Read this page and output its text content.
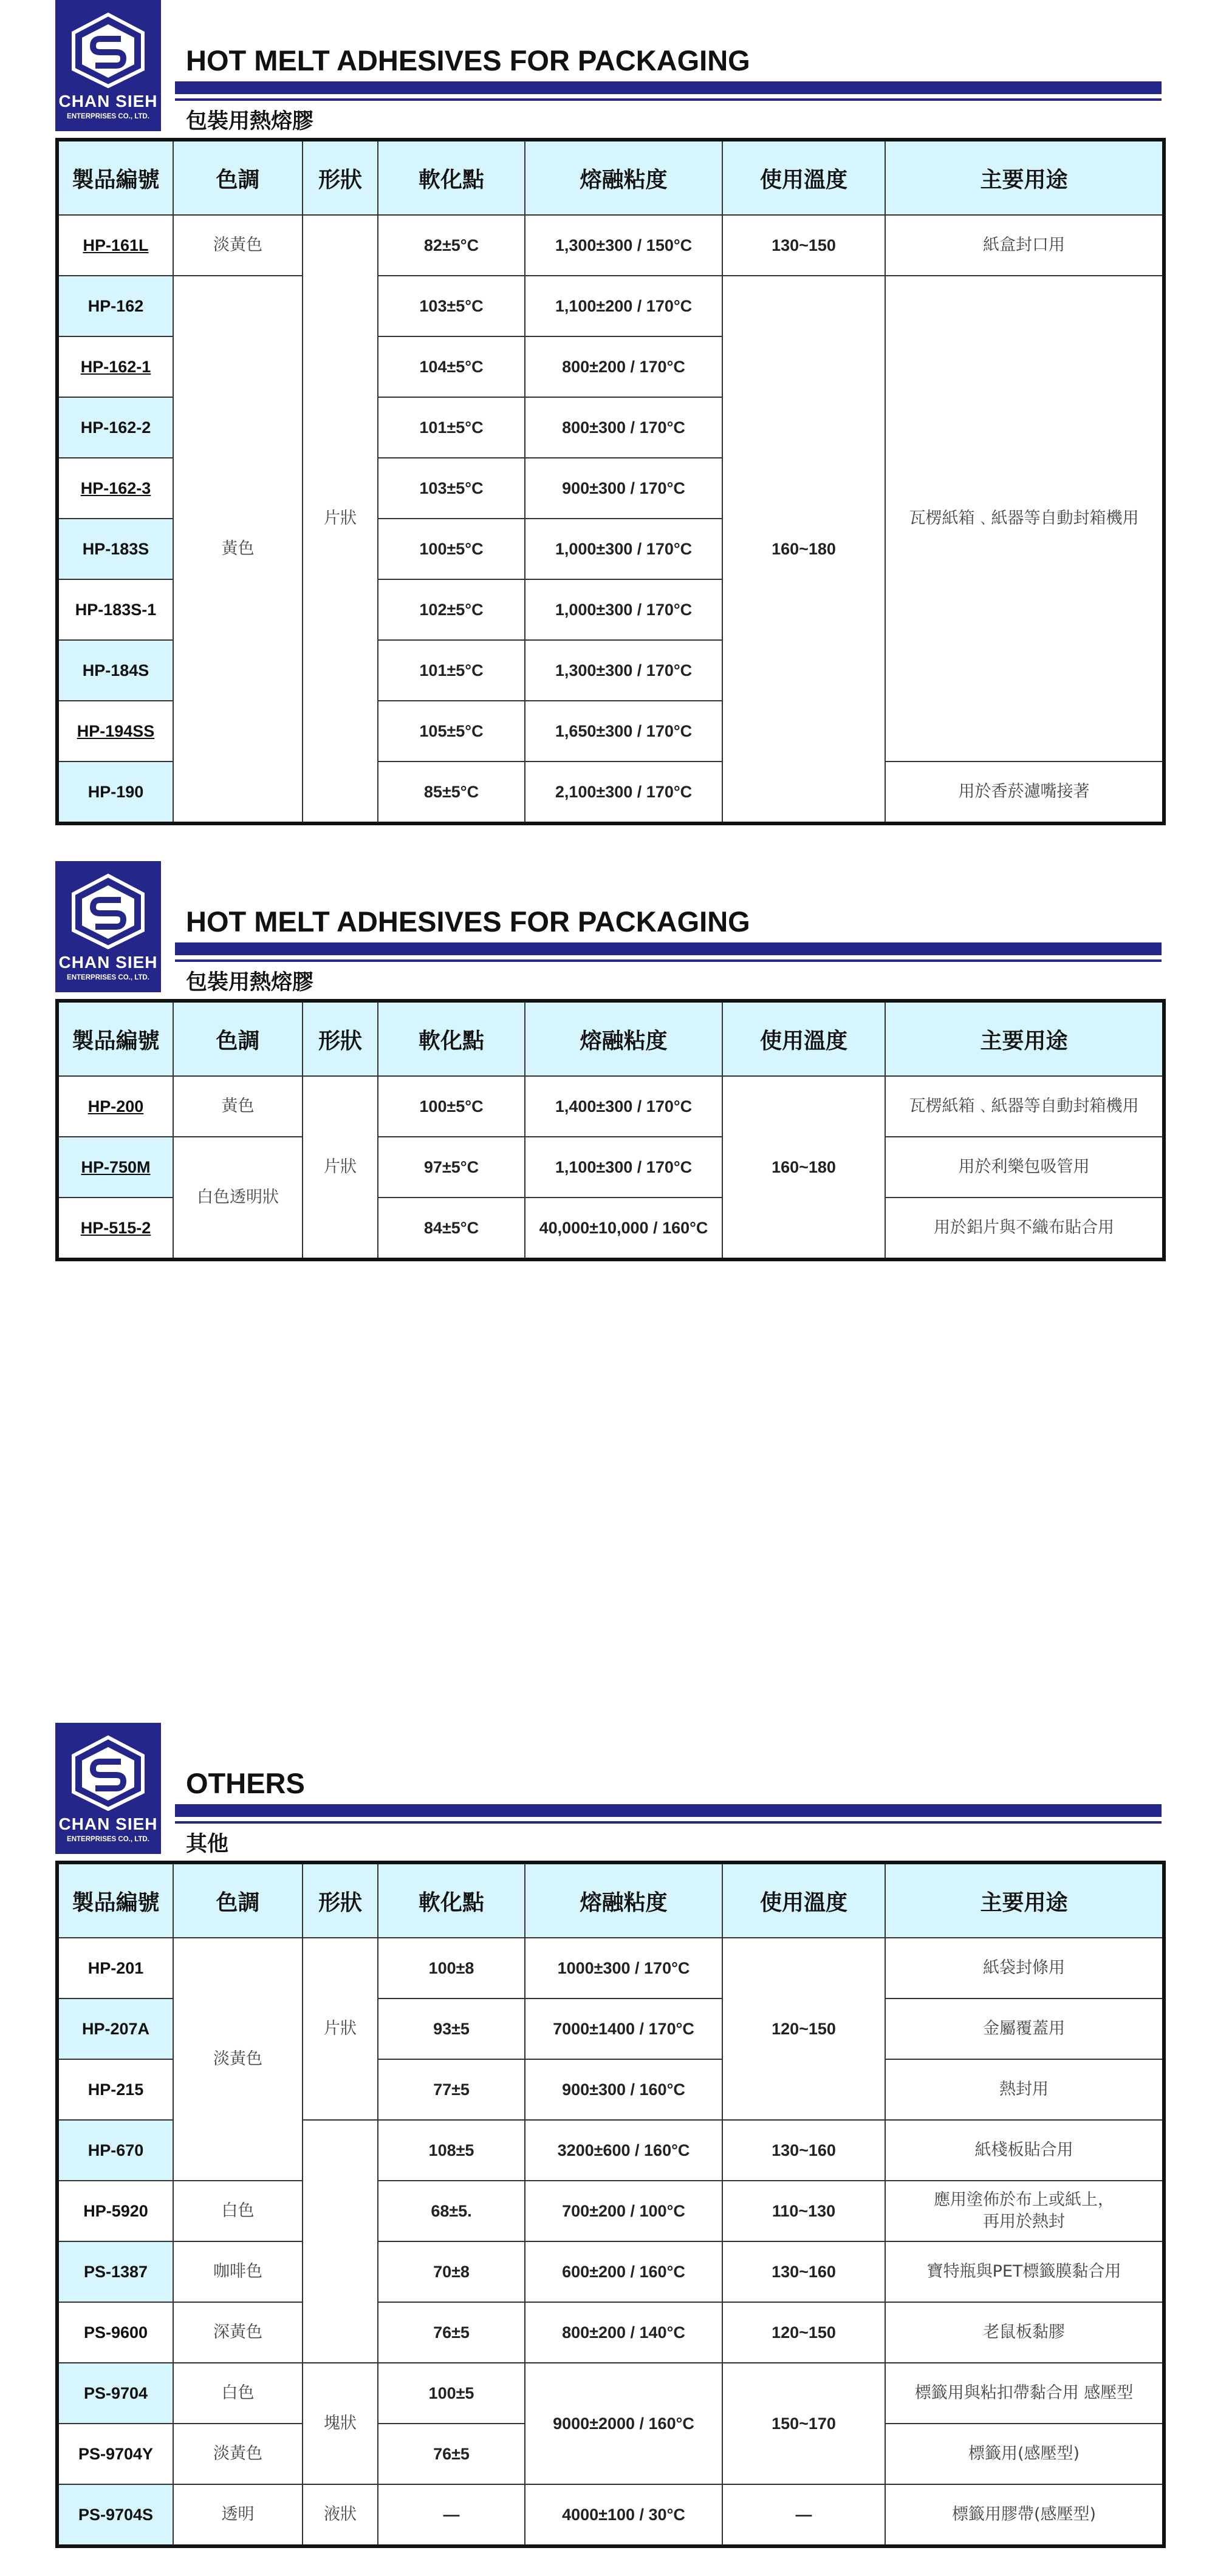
CHAN SIEH
ENTERPRISES CO., LTD.
HOT MELT ADHESIVES FOR PACKAGING
包裝用熱熔膠
製品編號	色調	形狀	軟化點	熔融粘度	使用溫度	主要用途
HP-161L	淡黃色	片狀	82±5°C	1,300±300 / 150°C	130~150	紙盒封口用
HP-162	黃色		103±5°C	1,100±200 / 170°C	160~180	瓦楞紙箱﹑紙器等自動封箱機用
HP-162-1			104±5°C	800±200 / 170°C		
HP-162-2			101±5°C	800±300 / 170°C		
HP-162-3			103±5°C	900±300 / 170°C		
HP-183S			100±5°C	1,000±300 / 170°C		
HP-183S-1			102±5°C	1,000±300 / 170°C		
HP-184S			101±5°C	1,300±300 / 170°C		
HP-194SS			105±5°C	1,650±300 / 170°C		
HP-190			85±5°C	2,100±300 / 170°C		用於香菸濾嘴接著
CHAN SIEH
ENTERPRISES CO., LTD.
HOT MELT ADHESIVES FOR PACKAGING
包裝用熱熔膠
製品編號	色調	形狀	軟化點	熔融粘度	使用溫度	主要用途
HP-200	黃色	片狀	100±5°C	1,400±300 / 170°C	160~180	瓦楞紙箱﹑紙器等自動封箱機用
HP-750M	白色透明狀		97±5°C	1,100±300 / 170°C		用於利樂包吸管用
HP-515-2			84±5°C	40,000±10,000 / 160°C		用於鋁片與不織布貼合用
CHAN SIEH
ENTERPRISES CO., LTD.
OTHERS
其他
製品編號	色調	形狀	軟化點	熔融粘度	使用溫度	主要用途
HP-201	淡黃色	片狀	100±8	1000±300 / 170°C	120~150	紙袋封條用
HP-207A			93±5	7000±1400 / 170°C		金屬覆蓋用
HP-215			77±5	900±300 / 160°C		熱封用
HP-670			108±5	3200±600 / 160°C	130~160	紙棧板貼合用
HP-5920	白色		68±5.	700±200 / 100°C	110~130	應用塗佈於布上或紙上，
再用於熱封
PS-1387	咖啡色		70±8	600±200 / 160°C	130~160	寶特瓶與PET標籤膜黏合用
PS-9600	深黃色		76±5	800±200 / 140°C	120~150	老鼠板黏膠
PS-9704	白色	塊狀	100±5	9000±2000 / 160°C	150~170	標籤用與粘扣帶黏合用 感壓型
PS-9704Y	淡黃色		76±5			標籤用(感壓型)
PS-9704S	透明	液狀	—	4000±100 / 30°C	—	標籤用膠帶(感壓型)
